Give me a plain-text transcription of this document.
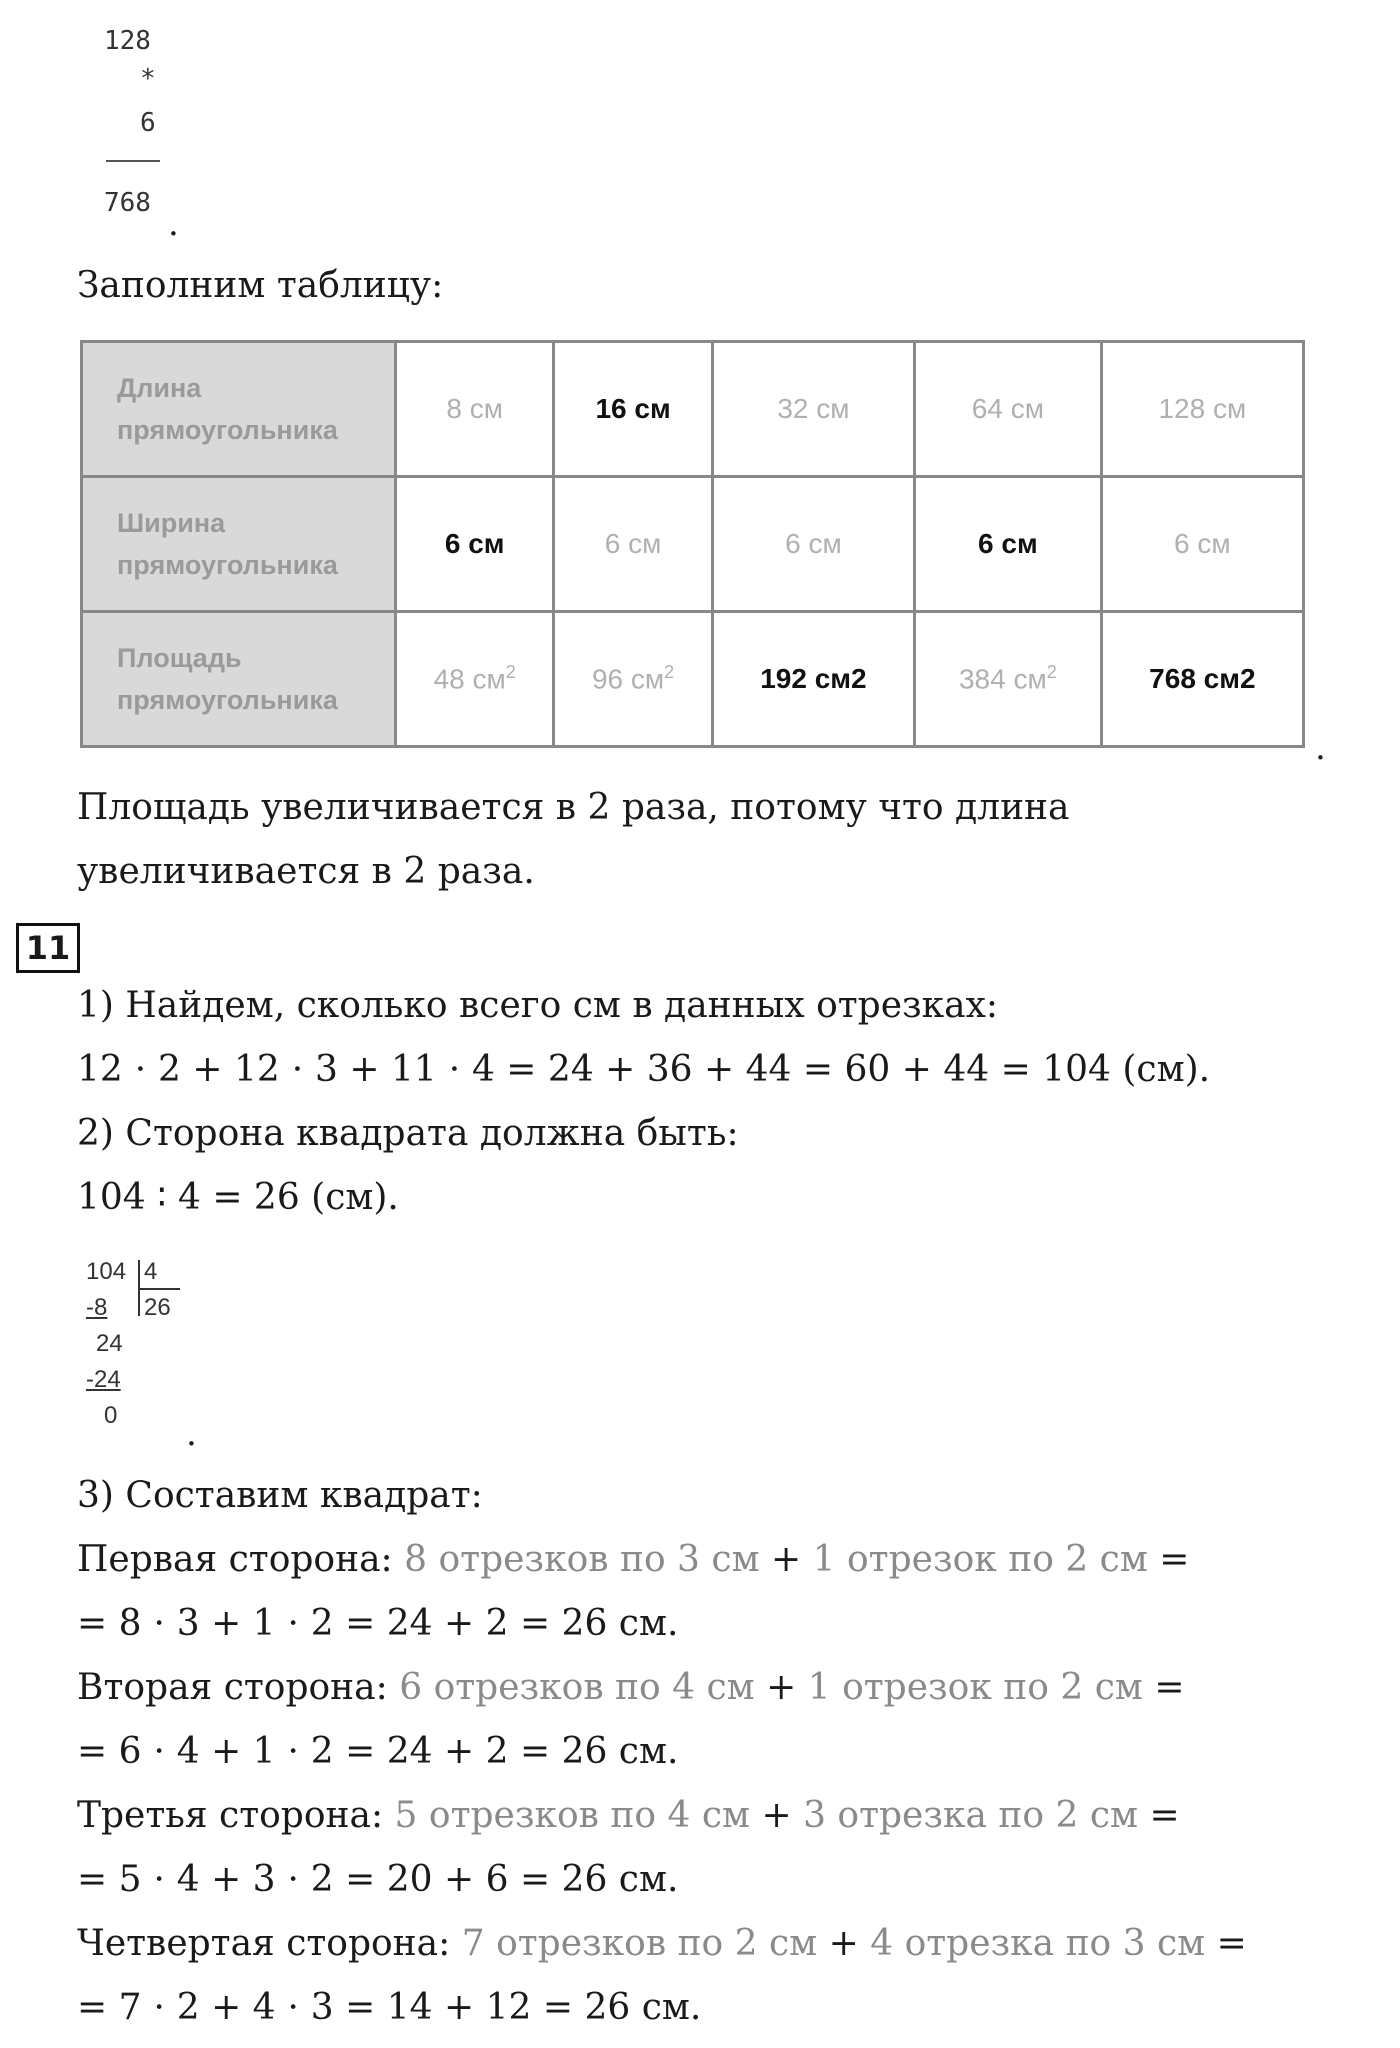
128
*
6
768
.
Заполним таблицу:
Длина
прямоугольника	8 см	16 см	32 см	64 см	128 см

Ширина
прямоугольника	6 см	6 см	6 см	6 см	6 см

Площадь
прямоугольника	48 $см^2$	96 $см^2$	192 см2	384 $см^2$	768 см2
.
Площадь увеличивается в 2 раза, потому что длина
увеличивается в 2 раза.
11
1) Найдем, сколько всего см в данных отрезках:
12 ⋅ 2 + 12 ⋅ 3 + 11 ⋅ 4 = 24 + 36 + 44 = 60 + 44 = 104 (см).
2) Сторона квадрата должна быть:
104 ∶ 4 = 26 (см).
104 4
26
-8
24
-24
0 .
3) Составим квадрат:
Первая сторона: 8 отрезков по 3 см + 1 отрезок по 2 см =
= 8 ⋅ 3 + 1 ⋅ 2 = 24 + 2 = 26 см.
Вторая сторона: 6 отрезков по 4 см + 1 отрезок по 2 см =
= 6 ⋅ 4 + 1 ⋅ 2 = 24 + 2 = 26 см.
Третья сторона: 5 отрезков по 4 см + 3 отрезка по 2 см =
= 5 ⋅ 4 + 3 ⋅ 2 = 20 + 6 = 26 см.
Четвертая сторона: 7 отрезков по 2 см + 4 отрезка по 3 см =
= 7 ⋅ 2 + 4 ⋅ 3 = 14 + 12 = 26 см.
